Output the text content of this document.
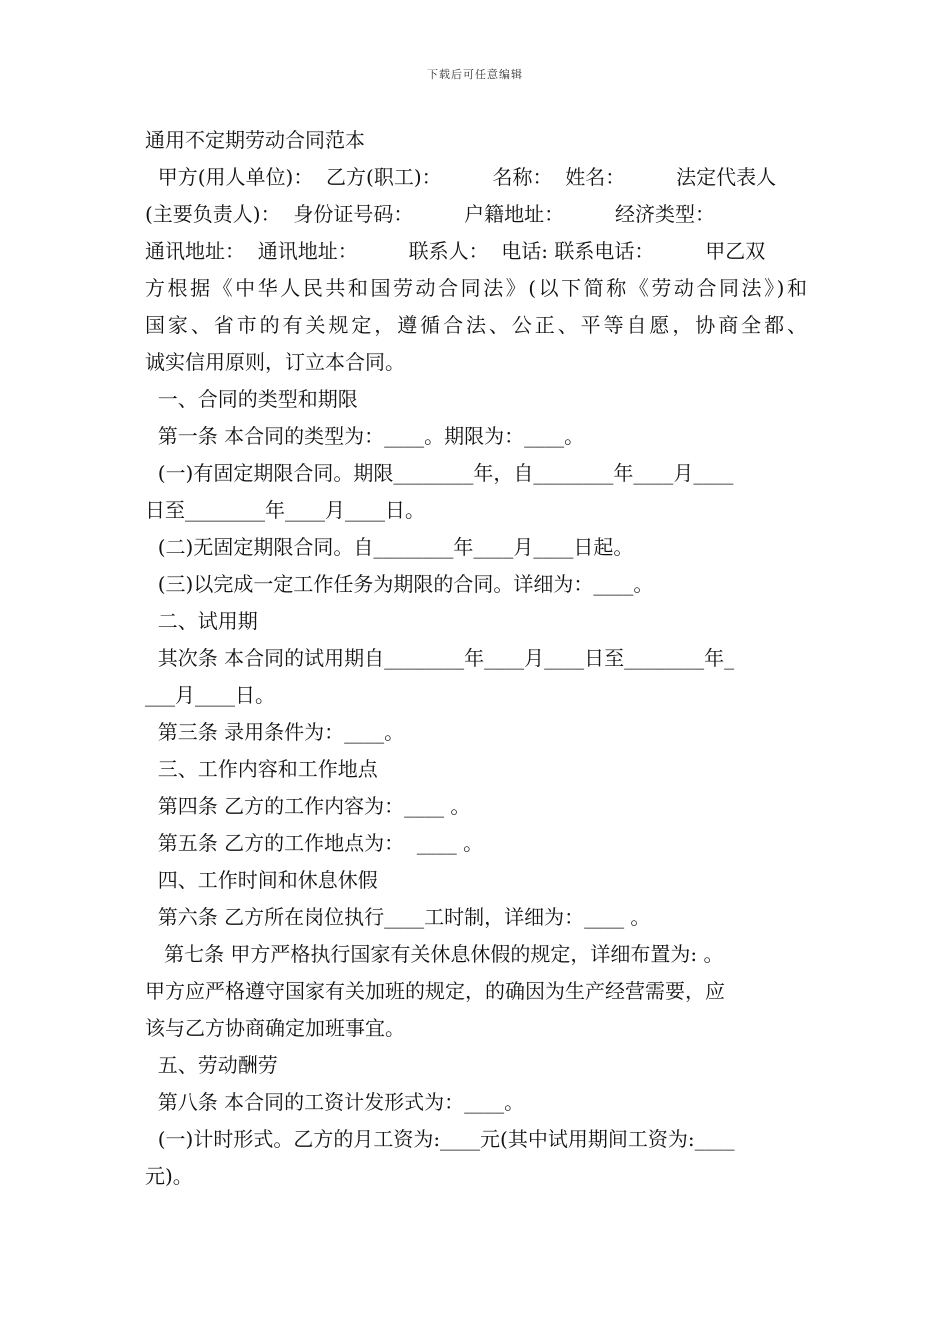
下载后可任意编辑
通用不定期劳动合同范本
甲方(用人单位)：  乙方(职工)：        名称：  姓名：        法定代表人
(主要负责人)：  身份证号码：        户籍地址：        经济类型：
通讯地址：  通讯地址：        联系人：  电话: 联系电话：        甲乙双
方根据《中华人民共和国劳动合同法》(以下简称《劳动合同法》)和
国家、省市的有关规定，遵循合法、公正、平等自愿，协商全都、
诚实信用原则，订立本合同。
一、合同的类型和期限
第一条 本合同的类型为：____。期限为：____。
(一)有固定期限合同。期限________年，自________年____月____
日至________年____月____日。
(二)无固定期限合同。自________年____月____日起。
(三)以完成一定工作任务为期限的合同。详细为：____。
二、试用期
其次条 本合同的试用期自________年____月____日至________年_
___月____日。
第三条 录用条件为：____。
三、工作内容和工作地点
第四条 乙方的工作内容为：____ 。
第五条 乙方的工作地点为：  ____ 。
四、工作时间和休息休假
第六条 乙方所在岗位执行____工时制，详细为：____ 。
第七条 甲方严格执行国家有关休息休假的规定，详细布置为: 。
甲方应严格遵守国家有关加班的规定，的确因为生产经营需要，应
该与乙方协商确定加班事宜。
五、劳动酬劳
第八条 本合同的工资计发形式为：____。
(一)计时形式。乙方的月工资为:____元(其中试用期间工资为:____
元)。
